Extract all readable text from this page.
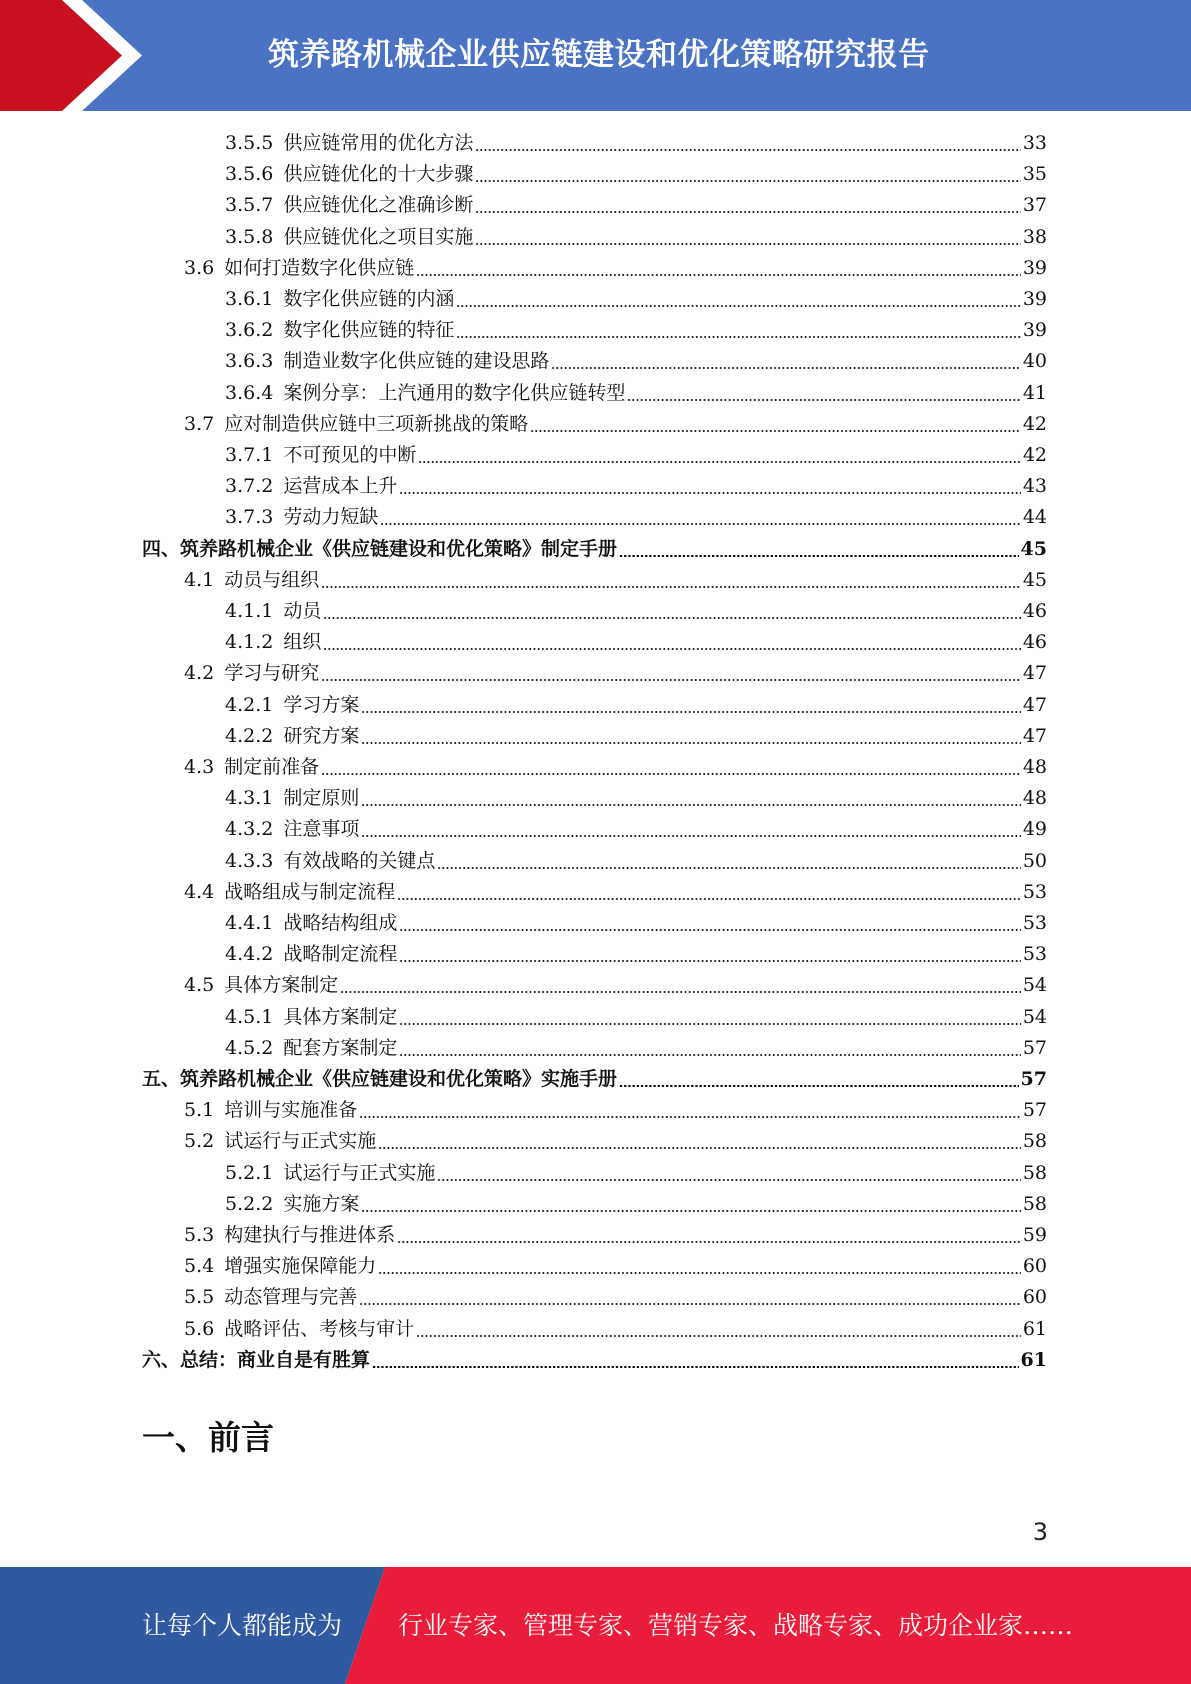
筑养路机械企业供应链建设和优化策略研究报告
3.5.5 供应链常用的优化方法	33
3.5.6 供应链优化的十大步骤	35
3.5.7 供应链优化之准确诊断	37
3.5.8 供应链优化之项目实施	38
3.6 如何打造数字化供应链	39
3.6.1 数字化供应链的内涵	39
3.6.2 数字化供应链的特征	39
3.6.3 制造业数字化供应链的建设思路	40
3.6.4 案例分享：上汽通用的数字化供应链转型	41
3.7 应对制造供应链中三项新挑战的策略	42
3.7.1 不可预见的中断	42
3.7.2 运营成本上升	43
3.7.3 劳动力短缺	44
四、筑养路机械企业《供应链建设和优化策略》制定手册	45
4.1 动员与组织	45
4.1.1 动员	46
4.1.2 组织	46
4.2 学习与研究	47
4.2.1 学习方案	47
4.2.2 研究方案	47
4.3 制定前准备	48
4.3.1 制定原则	48
4.3.2 注意事项	49
4.3.3 有效战略的关键点	50
4.4 战略组成与制定流程	53
4.4.1 战略结构组成	53
4.4.2 战略制定流程	53
4.5 具体方案制定	54
4.5.1 具体方案制定	54
4.5.2 配套方案制定	57
五、筑养路机械企业《供应链建设和优化策略》实施手册	57
5.1 培训与实施准备	57
5.2 试运行与正式实施	58
5.2.1 试运行与正式实施	58
5.2.2 实施方案	58
5.3 构建执行与推进体系	59
5.4 增强实施保障能力	60
5.5 动态管理与完善	60
5.6 战略评估、考核与审计	61
六、总结：商业自是有胜算	61
一、前言
3
让每个人都能成为 行业专家、管理专家、营销专家、战略专家、成功企业家……
